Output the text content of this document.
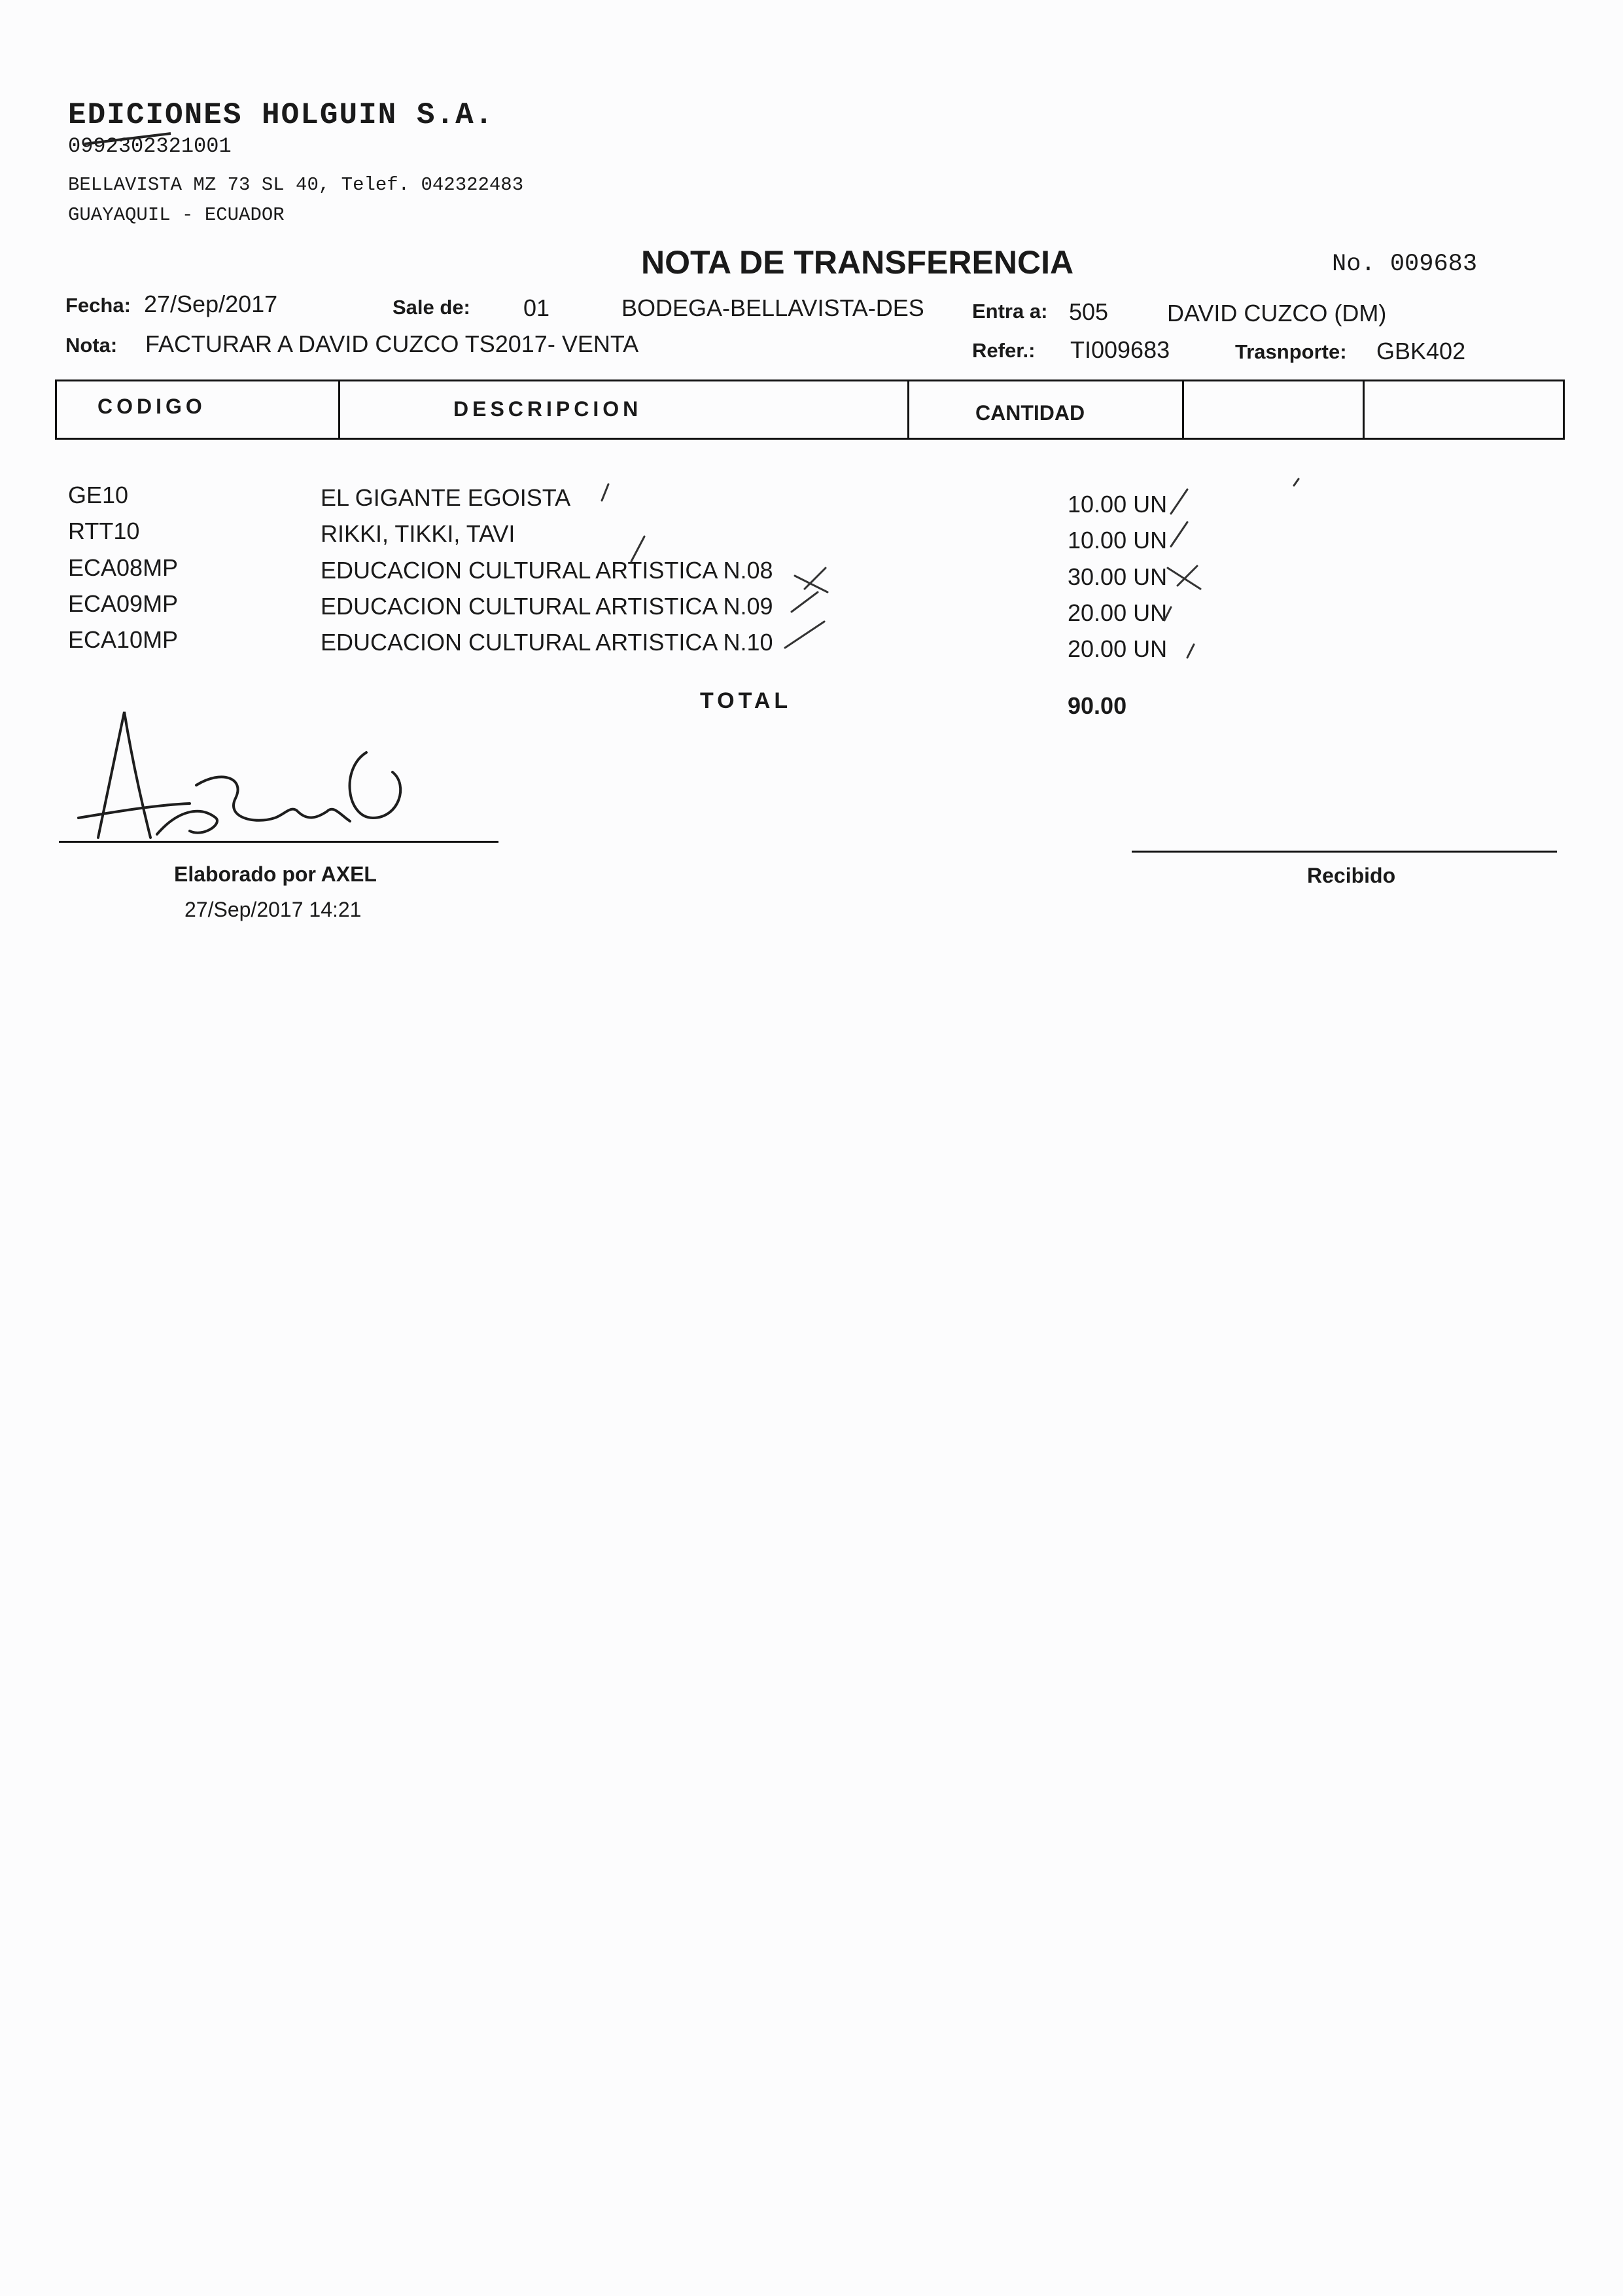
EDICIONES HOLGUIN S.A.
0992302321001
BELLAVISTA MZ 73 SL 40, Telef. 042322483
GUAYAQUIL - ECUADOR
NOTA DE TRANSFERENCIA	No. 009683
Fecha: 27/Sep/2017	Sale de: 01	BODEGA-BELLAVISTA-DES Entra a: 505 DAVID CUZCO (DM)
Nota: FACTURAR A DAVID CUZCO TS2017- VENTA	Refer.: TI009683	Trasnporte: GBK402
CODIGO	DESCRIPCION	CANTIDAD
GE10	EL GIGANTE EGOISTA	10.00 UN
RTT10	RIKKI, TIKKI, TAVI	10.00 UN
ECA08MP	EDUCACION CULTURAL ARTISTICA N.08	30.00 UN
ECA09MP	EDUCACION CULTURAL ARTISTICA N.09	20.00 UN
ECA10MP	EDUCACION CULTURAL ARTISTICA N.10	20.00 UN
TOTAL	90.00
Elaborado por AXEL
27/Sep/2017 14:21
Recibido
